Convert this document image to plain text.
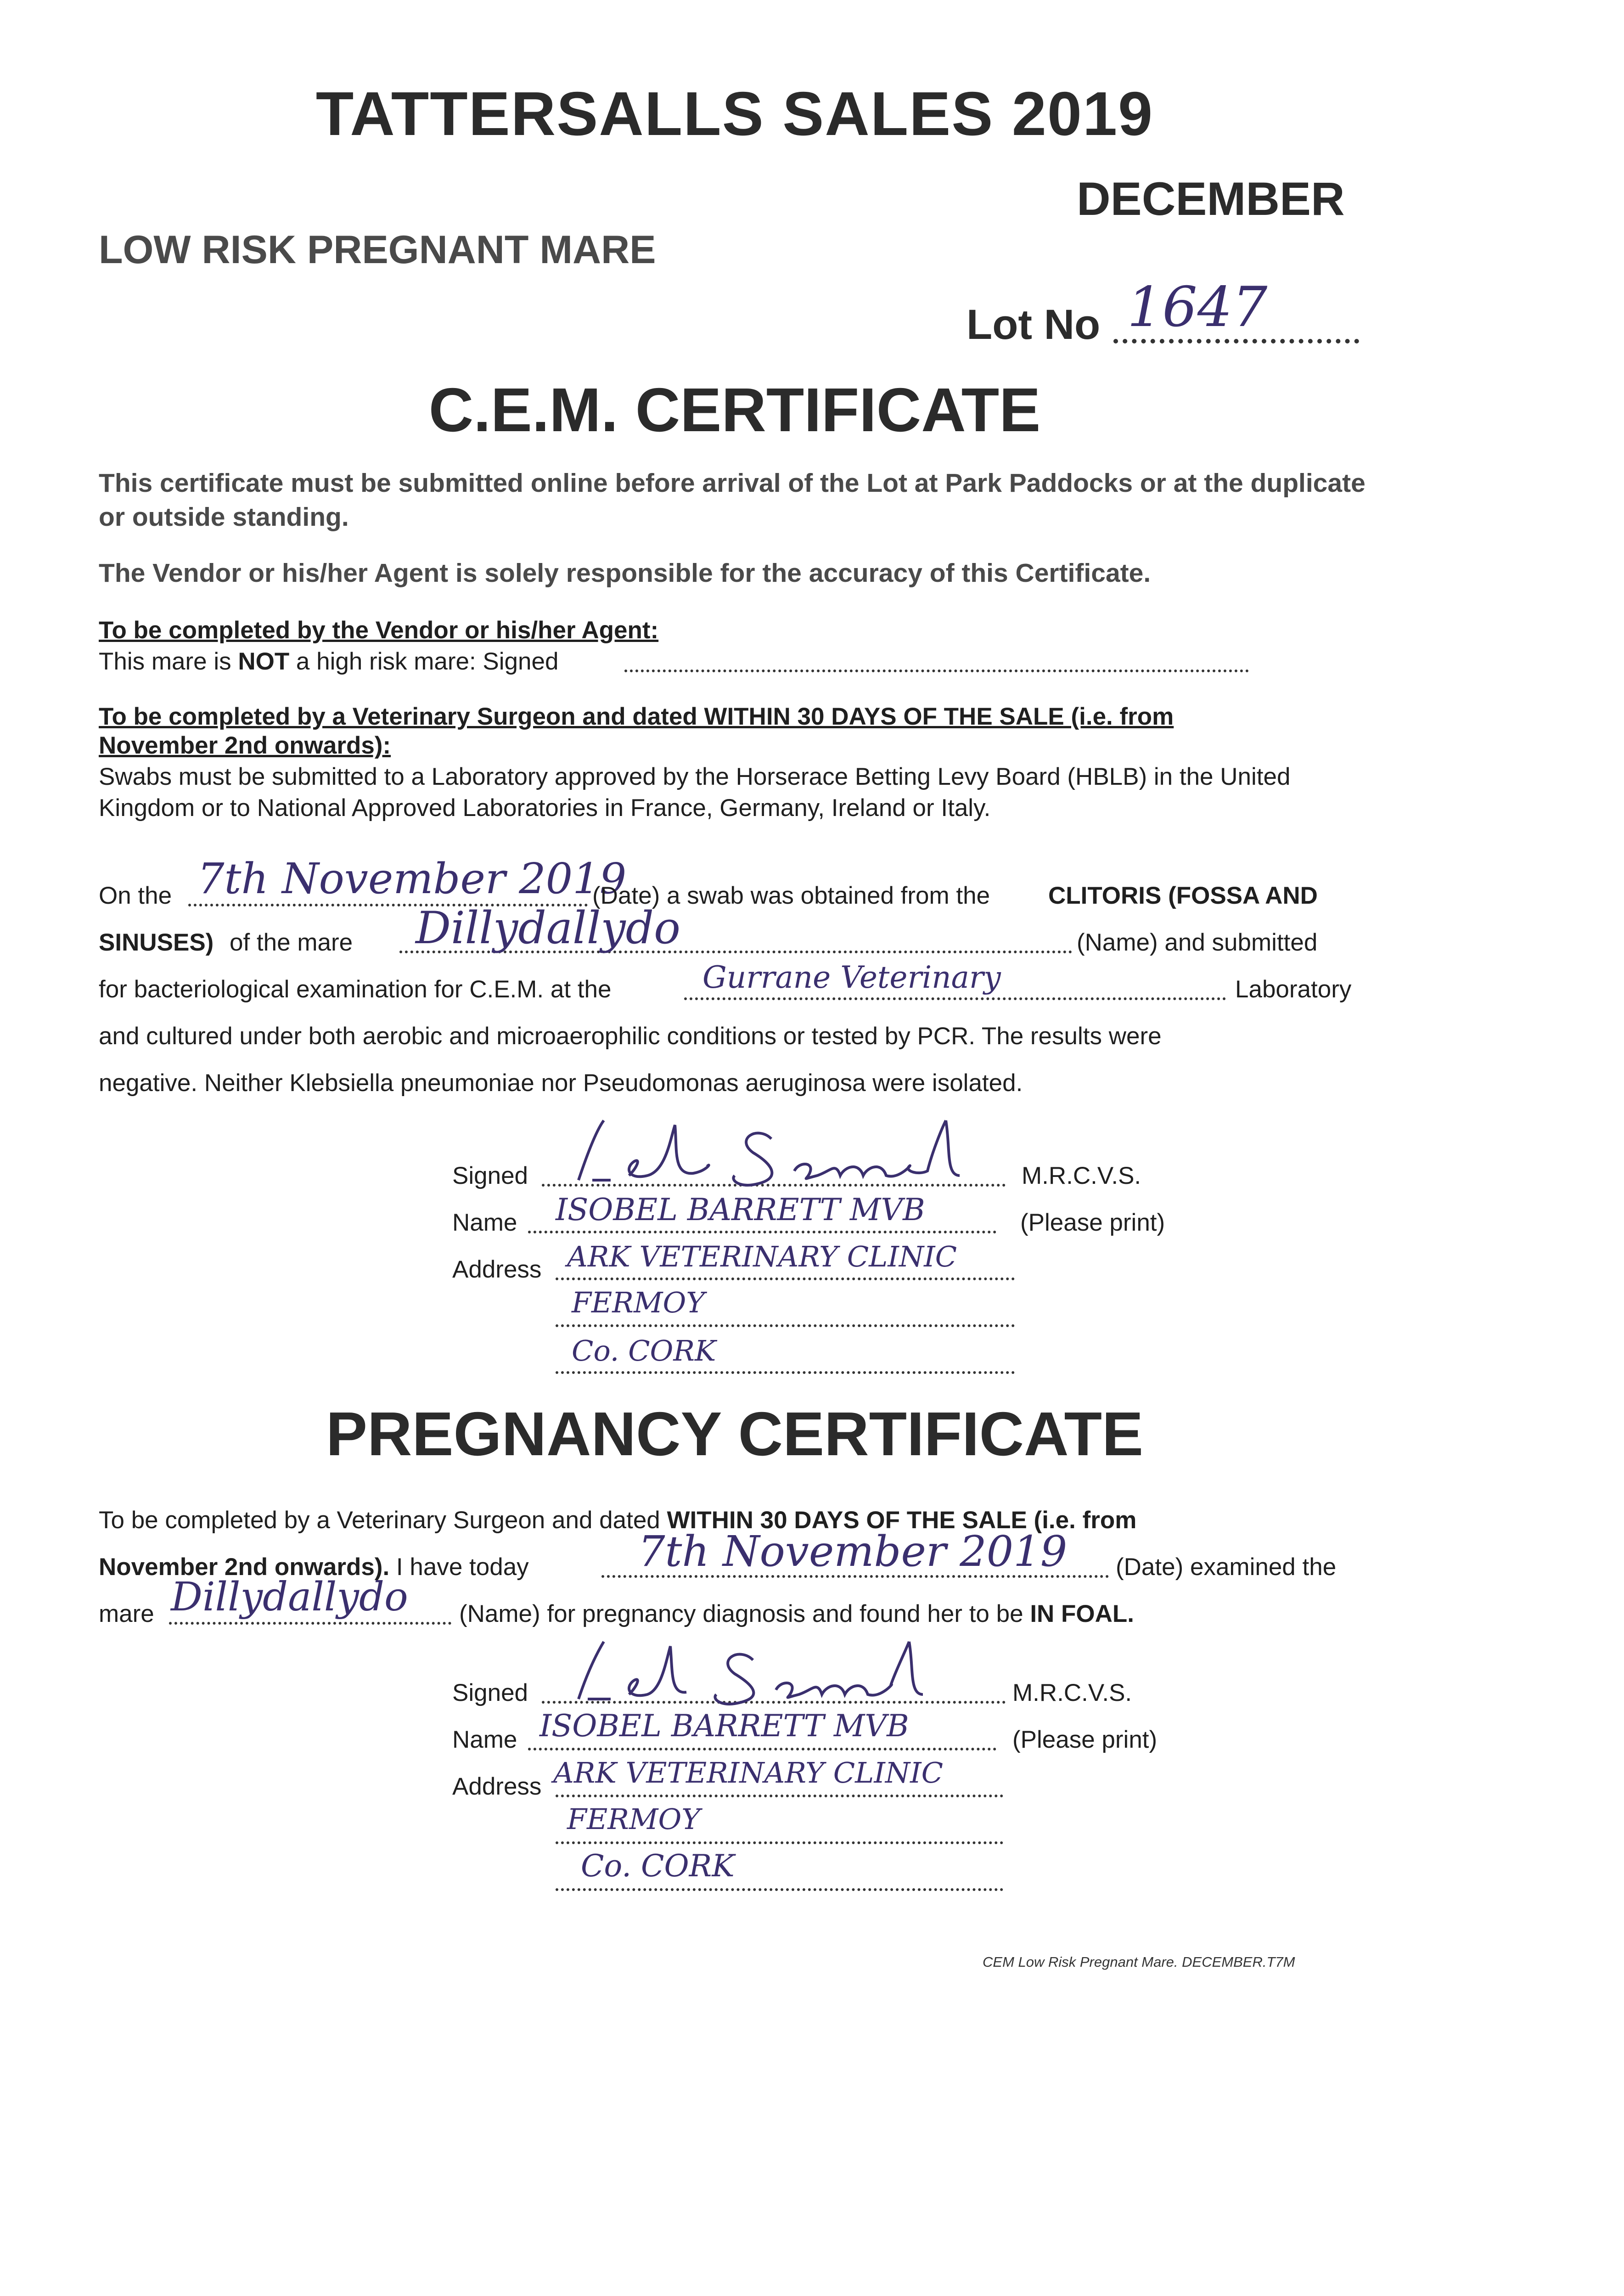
TATTERSALLS SALES 2019
DECEMBER
LOW RISK PREGNANT MARE
Lot No 1647
C.E.M. CERTIFICATE
This certificate must be submitted online before arrival of the Lot at Park Paddocks or at the duplicate or outside standing.
The Vendor or his/her Agent is solely responsible for the accuracy of this Certificate.
To be completed by the Vendor or his/her Agent:
This mare is NOT a high risk mare: Signed
To be completed by a Veterinary Surgeon and dated WITHIN 30 DAYS OF THE SALE (i.e. from
November 2nd onwards):
Swabs must be submitted to a Laboratory approved by the Horserace Betting Levy Board (HBLB) in the United Kingdom or to National Approved Laboratories in France, Germany, Ireland or Italy.
On the 7th November 2019
(Date) a swab was obtained from the CLITORIS (FOSSA AND
SINUSES) of the mare Dillydallydo	(Name) and submitted
for bacteriological examination for C.E.M. at the	Gurrane Veterinary	Laboratory
and cultured under both aerobic and microaerophilic conditions or tested by PCR. The results were
negative. Neither Klebsiella pneumoniae nor Pseudomonas aeruginosa were isolated.
Signed	M.R.C.V.S.
Name ISOBEL BARRETT MVB	(Please print)
Address ARK VETERINARY CLINIC
FERMOY
Co. CORK
PREGNANCY CERTIFICATE
To be completed by a Veterinary Surgeon and dated WITHIN 30 DAYS OF THE SALE (i.e. from
November 2nd onwards). I have today	7th November 2019 (Date) examined the
mare Dillydallydo (Name) for pregnancy diagnosis and found her to be IN FOAL.
Signed	M.R.C.V.S.
Name ISOBEL BARRETT MVB	(Please print)
Address ARK VETERINARY CLINIC
FERMOY
Co. CORK
CEM Low Risk Pregnant Mare. DECEMBER.T7M
